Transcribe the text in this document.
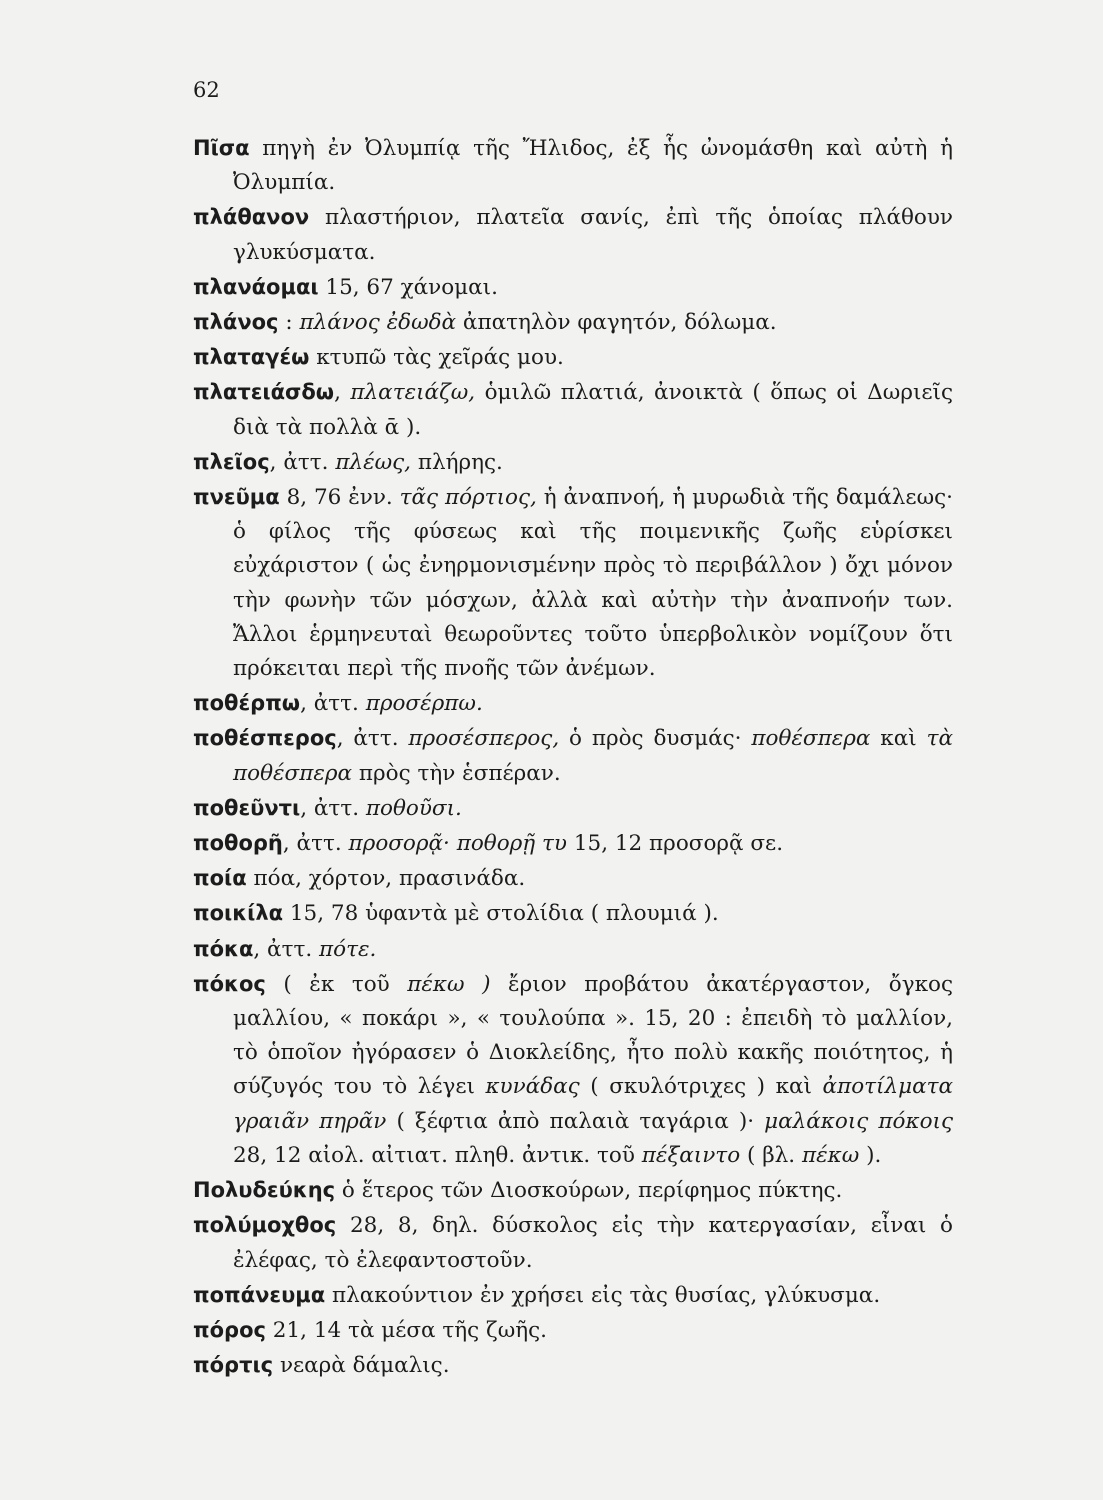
62
Πῖσα πηγὴ ἐν Ὀλυμπίᾳ τῆς Ἤλιδος, ἐξ ἧς ὠνομάσθη καὶ αὐτὴ ἡ Ὀλυμπία.
πλάθανον πλαστήριον, πλατεῖα σανίς, ἐπὶ τῆς ὁποίας πλάθουν γλυκύσματα.
πλανάομαι 15, 67 χάνομαι.
πλάνος : πλάνος ἐδωδὰ ἀπατηλὸν φαγητόν, δόλωμα.
πλαταγέω κτυπῶ τὰς χεῖράς μου.
πλατειάσδω, πλατειάζω, ὁμιλῶ πλατιά, ἀνοικτὰ ( ὅπως οἱ Δωριεῖς διὰ τὰ πολλὰ ᾱ ).
πλεῖος, ἀττ. πλέως, πλήρης.
πνεῦμα 8, 76 ἐνν. τᾶς πόρτιος, ἡ ἀναπνοή, ἡ μυρωδιὰ τῆς δαμάλεως· ὁ φίλος τῆς φύσεως καὶ τῆς ποιμενικῆς ζωῆς εὑρίσκει εὐχάριστον ( ὡς ἐνηρμονισμένην πρὸς τὸ περιβάλλον ) ὄχι μόνον τὴν φωνὴν τῶν μόσχων, ἀλλὰ καὶ αὐτὴν τὴν ἀναπνοήν των. Ἄλλοι ἑρμηνευταὶ θεωροῦντες τοῦτο ὑπερβολικὸν νομίζουν ὅτι πρόκειται περὶ τῆς πνοῆς τῶν ἀνέμων.
ποθέρπω, ἀττ. προσέρπω.
ποθέσπερος, ἀττ. προσέσπερος, ὁ πρὸς δυσμάς· ποθέσπερα καὶ τὰ ποθέσπερα πρὸς τὴν ἑσπέραν.
ποθεῦντι, ἀττ. ποθοῦσι.
ποθορῆ, ἀττ. προσορᾷ· ποθορῇ τυ 15, 12 προσορᾷ σε.
ποία πόα, χόρτον, πρασινάδα.
ποικίλα 15, 78 ὑφαντὰ μὲ στολίδια ( πλουμιά ).
πόκα, ἀττ. πότε.
πόκος ( ἐκ τοῦ πέκω ) ἔριον προβάτου ἀκατέργαστον, ὄγκος μαλλίου, « ποκάρι », « τουλούπα ». 15, 20 : ἐπειδὴ τὸ μαλλίον, τὸ ὁποῖον ἠγόρασεν ὁ Διοκλείδης, ἦτο πολὺ κακῆς ποιότητος, ἡ σύζυγός του τὸ λέγει κυνάδας ( σκυλότριχες ) καὶ ἀποτίλματα γραιᾶν πηρᾶν ( ξέφτια ἀπὸ παλαιὰ ταγάρια )· μαλάκοις πόκοις 28, 12 αἰολ. αἰτιατ. πληθ. ἀντικ. τοῦ πέξαιντο ( βλ. πέκω ).
Πολυδεύκης ὁ ἕτερος τῶν Διοσκούρων, περίφημος πύκτης.
πολύμοχθος 28, 8, δηλ. δύσκολος εἰς τὴν κατεργασίαν, εἶναι ὁ ἐλέφας, τὸ ἐλεφαντοστοῦν.
ποπάνευμα πλακούντιον ἐν χρήσει εἰς τὰς θυσίας, γλύκυσμα.
πόρος 21, 14 τὰ μέσα τῆς ζωῆς.
πόρτις νεαρὰ δάμαλις.
